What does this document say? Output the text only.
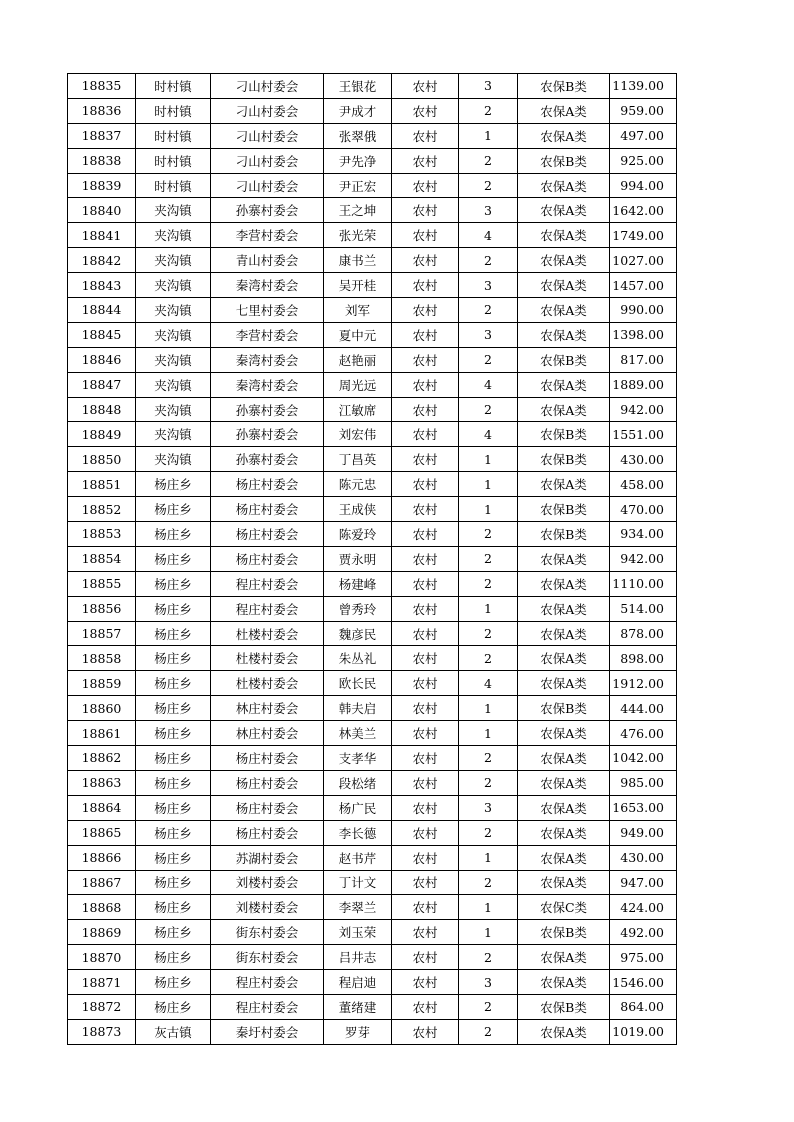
18835	时村镇	刁山村委会	王银花	农村	3	农保B类	1139.00
18836	时村镇	刁山村委会	尹成才	农村	2	农保A类	959.00
18837	时村镇	刁山村委会	张翠俄	农村	1	农保A类	497.00
18838	时村镇	刁山村委会	尹先净	农村	2	农保B类	925.00
18839	时村镇	刁山村委会	尹正宏	农村	2	农保A类	994.00
18840	夹沟镇	孙寨村委会	王之坤	农村	3	农保A类	1642.00
18841	夹沟镇	李营村委会	张光荣	农村	4	农保A类	1749.00
18842	夹沟镇	青山村委会	康书兰	农村	2	农保A类	1027.00
18843	夹沟镇	秦湾村委会	吴开桂	农村	3	农保A类	1457.00
18844	夹沟镇	七里村委会	刘军	农村	2	农保A类	990.00
18845	夹沟镇	李营村委会	夏中元	农村	3	农保A类	1398.00
18846	夹沟镇	秦湾村委会	赵艳丽	农村	2	农保B类	817.00
18847	夹沟镇	秦湾村委会	周光远	农村	4	农保A类	1889.00
18848	夹沟镇	孙寨村委会	江敏席	农村	2	农保A类	942.00
18849	夹沟镇	孙寨村委会	刘宏伟	农村	4	农保B类	1551.00
18850	夹沟镇	孙寨村委会	丁昌英	农村	1	农保B类	430.00
18851	杨庄乡	杨庄村委会	陈元忠	农村	1	农保A类	458.00
18852	杨庄乡	杨庄村委会	王成侠	农村	1	农保B类	470.00
18853	杨庄乡	杨庄村委会	陈爱玲	农村	2	农保B类	934.00
18854	杨庄乡	杨庄村委会	贾永明	农村	2	农保A类	942.00
18855	杨庄乡	程庄村委会	杨建峰	农村	2	农保A类	1110.00
18856	杨庄乡	程庄村委会	曾秀玲	农村	1	农保A类	514.00
18857	杨庄乡	杜楼村委会	魏彦民	农村	2	农保A类	878.00
18858	杨庄乡	杜楼村委会	朱丛礼	农村	2	农保A类	898.00
18859	杨庄乡	杜楼村委会	欧长民	农村	4	农保A类	1912.00
18860	杨庄乡	林庄村委会	韩夫启	农村	1	农保B类	444.00
18861	杨庄乡	林庄村委会	林美兰	农村	1	农保A类	476.00
18862	杨庄乡	杨庄村委会	支孝华	农村	2	农保A类	1042.00
18863	杨庄乡	杨庄村委会	段松绪	农村	2	农保A类	985.00
18864	杨庄乡	杨庄村委会	杨广民	农村	3	农保A类	1653.00
18865	杨庄乡	杨庄村委会	李长德	农村	2	农保A类	949.00
18866	杨庄乡	苏湖村委会	赵书芹	农村	1	农保A类	430.00
18867	杨庄乡	刘楼村委会	丁计文	农村	2	农保A类	947.00
18868	杨庄乡	刘楼村委会	李翠兰	农村	1	农保C类	424.00
18869	杨庄乡	街东村委会	刘玉荣	农村	1	农保B类	492.00
18870	杨庄乡	街东村委会	吕井志	农村	2	农保A类	975.00
18871	杨庄乡	程庄村委会	程启迪	农村	3	农保A类	1546.00
18872	杨庄乡	程庄村委会	董绪建	农村	2	农保B类	864.00
18873	灰古镇	秦圩村委会	罗芽	农村	2	农保A类	1019.00
